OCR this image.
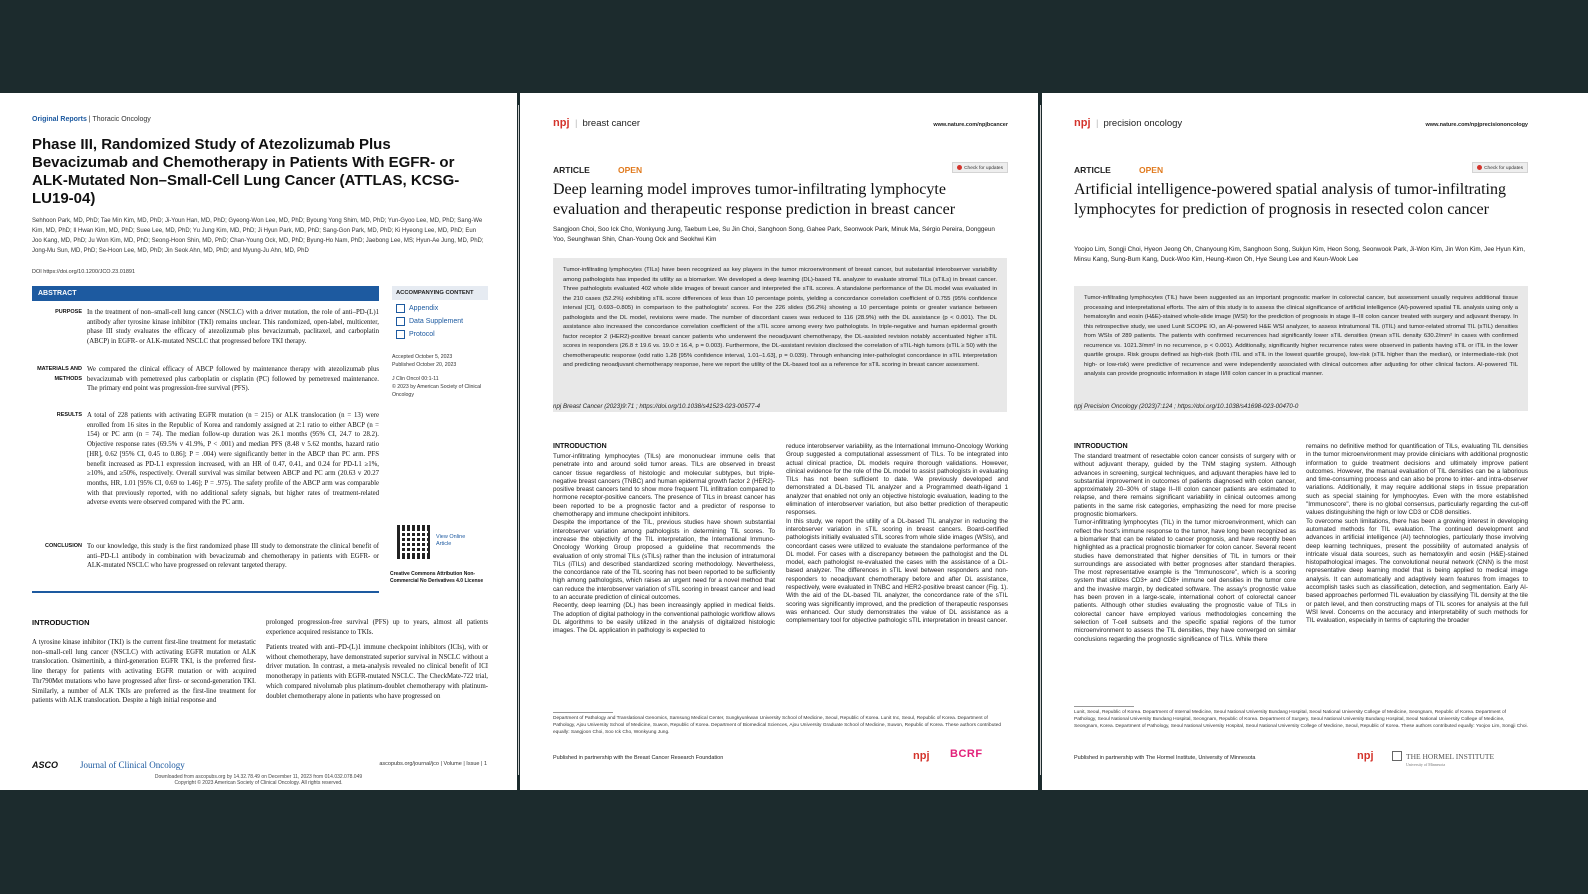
Original Reports | Thoracic Oncology
Phase III, Randomized Study of Atezolizumab Plus Bevacizumab and Chemotherapy in Patients With EGFR- or ALK-Mutated Non–Small-Cell Lung Cancer (ATTLAS, KCSG-LU19-04)
Sehhoon Park, MD, PhD; Tae Min Kim, MD, PhD; Ji-Youn Han, MD, PhD; Gyeong-Won Lee, MD, PhD; Byoung Yong Shim, MD, PhD; Yun-Gyoo Lee, MD, PhD; Sang-We Kim, MD, PhD; Il Hwan Kim, MD, PhD; Suee Lee, MD, PhD; Yu Jung Kim, MD, PhD; Ji Hyun Park, MD, PhD; Sang-Gon Park, MD, PhD; Ki Hyeong Lee, MD, PhD; Eun Joo Kang, MD, PhD; Ju Won Kim, MD, PhD; Seong-Hoon Shin, MD, PhD; Chan-Young Ock, MD, PhD; Byung-Ho Nam, PhD; Jaebong Lee, MS; Hyun-Ae Jung, MD, PhD; Jong-Mu Sun, MD, PhD; Se-Hoon Lee, MD, PhD; Jin Seok Ahn, MD, PhD; and Myung-Ju Ahn, MD, PhD
DOI https://doi.org/10.1200/JCO.23.01891
ABSTRACT
PURPOSE In the treatment of non–small-cell lung cancer (NSCLC) with a driver mutation, the role of anti–PD-(L)1 antibody after tyrosine kinase inhibitor (TKI) remains unclear. This randomized, open-label, multicenter, phase III study evaluates the efficacy of atezolizumab plus bevacizumab, paclitaxel, and carboplatin (ABCP) in EGFR- or ALK-mutated NSCLC that progressed before TKI therapy.
MATERIALS AND METHODS
We compared the clinical efficacy of ABCP followed by maintenance therapy with atezolizumab plus bevacizumab with pemetrexed plus carboplatin or cisplatin (PC) followed by pemetrexed maintenance. The primary end point was progression-free survival (PFS).
RESULTS A total of 228 patients with activating EGFR mutation (n = 215) or ALK translocation (n = 13) were enrolled from 16 sites in the Republic of Korea and randomly assigned at 2:1 ratio to either ABCP (n = 154) or PC arm (n = 74). The median follow-up duration was 26.1 months (95% CI, 24.7 to 28.2). Objective response rates (69.5% v 41.9%, P < .001) and median PFS (8.48 v 5.62 months, hazard ratio [HR], 0.62 [95% CI, 0.45 to 0.86]; P = .004) were significantly better in the ABCP than PC arm. PFS benefit increased as PD-L1 expression increased, with an HR of 0.47, 0.41, and 0.24 for PD-L1 ≥1%, ≥10%, and ≥50%, respectively. Overall survival was similar between ABCP and PC arm (20.63 v 20.27 months, HR, 1.01 [95% CI, 0.69 to 1.46]; P = .975). The safety profile of the ABCP arm was comparable with that previously reported, with no additional safety signals, but higher rates of treatment-related adverse events were observed compared with the PC arm.
CONCLUSION To our knowledge, this study is the first randomized phase III study to demonstrate the clinical benefit of anti–PD-L1 antibody in combination with bevacizumab and chemotherapy in patients with EGFR- or ALK-mutated NSCLC who have progressed on relevant targeted therapy.
ACCOMPANYING CONTENT
Appendix
Data Supplement
Protocol
Accepted October 5, 2023
Published October 20, 2023
J Clin Oncol 00:1-11
© 2023 by American Society of Clinical Oncology
View Online Article
Creative Commons Attribution Non-Commercial No Derivatives 4.0 License
INTRODUCTION
A tyrosine kinase inhibitor (TKI) is the current first-line treatment for metastatic non–small-cell lung cancer (NSCLC) with activating EGFR mutation or ALK translocation. Osimertinib, a third-generation EGFR TKI, is the preferred first-line therapy for patients with activating EGFR mutation or with acquired Thr790Met mutations who have progressed after first- or second-generation TKI. Similarly, a number of ALK TKIs are preferred as the first-line treatment for patients with ALK translocation. Despite a high initial response and
prolonged progression-free survival (PFS) up to years, almost all patients experience acquired resistance to TKIs.
Patients treated with anti–PD-(L)1 immune checkpoint inhibitors (ICIs), with or without chemotherapy, have demonstrated superior survival in NSCLC without a driver mutation. In contrast, a meta-analysis revealed no clinical benefit of ICI monotherapy in patients with EGFR-mutated NSCLC. The CheckMate-722 trial, which compared nivolumab plus platinum-doublet chemotherapy with platinum-doublet chemotherapy alone in patients who have progressed on
ASCO Journal of Clinical Oncology	ascopubs.org/journal/jco | Volume | Issue | 1
Downloaded from ascopubs.org by 14.32.78.49 on December 11, 2023 from 014.032.078.049
Copyright © 2023 American Society of Clinical Oncology. All rights reserved.
npj	| breast cancer	www.nature.com/npjbcancer
ARTICLE	OPEN	Check for updates
Deep learning model improves tumor-infiltrating lymphocyte evaluation and therapeutic response prediction in breast cancer
Sangjoon Choi, Soo Ick Cho, Wonkyung Jung, Taebum Lee, Su Jin Choi, Sanghoon Song, Gahee Park, Seonwook Park, Minuk Ma, Sérgio Pereira, Donggeun Yoo, Seunghwan Shin, Chan-Young Ock and Seokhwi Kim
Tumor-infiltrating lymphocytes (TILs) have been recognized as key players in the tumor microenvironment of breast cancer, but substantial interobserver variability among pathologists has impeded its utility as a biomarker. We developed a deep learning (DL)-based TIL analyzer to evaluate stromal TILs (sTILs) in breast cancer. Three pathologists evaluated 402 whole slide images of breast cancer and interpreted the sTIL scores. A standalone performance of the DL model was evaluated in the 210 cases (52.2%) exhibiting sTIL score differences of less than 10 percentage points, yielding a concordance correlation coefficient of 0.755 (95% confidence interval [CI], 0.693–0.805) in comparison to the pathologists' scores. For the 226 slides (56.2%) showing a 10 percentage points or greater variance between pathologists and the DL model, revisions were made. The number of discordant cases was reduced to 116 (28.9%) with the DL assistance (p < 0.001). The DL assistance also increased the concordance correlation coefficient of the sTIL score among every two pathologists. In triple-negative and human epidermal growth factor receptor 2 (HER2)-positive breast cancer patients who underwent the neoadjuvant chemotherapy, the DL-assisted revision notably accentuated higher sTIL scores in responders (26.8 ± 19.6 vs. 19.0 ± 16.4, p = 0.003). Furthermore, the DL-assistant revision disclosed the correlation of sTIL-high tumors (sTIL ≥ 50) with the chemotherapeutic response (odd ratio 1.28 [95% confidence interval, 1.01–1.63], p = 0.039). Through enhancing inter-pathologist concordance in sTIL interpretation and predicting neoadjuvant chemotherapy response, here we report the utility of the DL-based tool as a reference for sTIL scoring in breast cancer assessment.
npj Breast Cancer (2023)9:71 ; https://doi.org/10.1038/s41523-023-00577-4
INTRODUCTION
Tumor-infiltrating lymphocytes (TILs) are mononuclear immune cells that penetrate into and around solid tumor areas. TILs are observed in breast cancer tissue regardless of histologic and molecular subtypes, but triple-negative breast cancers (TNBC) and human epidermal growth factor 2 (HER2)-positive breast cancers tend to show more frequent TIL infiltration compared to hormone receptor-positive cancers. The presence of TILs in breast cancer has been reported to be a prognostic factor and a predictor of response to chemotherapy and immune checkpoint inhibitors.
Despite the importance of the TIL, previous studies have shown substantial interobserver variation among pathologists in determining TIL scores. To increase the objectivity of the TIL interpretation, the International Immuno-Oncology Working Group proposed a guideline that recommends the evaluation of only stromal TILs (sTILs) rather than the inclusion of intratumoral TILs (iTILs) and described standardized scoring methodology. Nevertheless, the concordance rate of the TIL scoring has not been reported to be sufficiently high among pathologists, which raises an urgent need for a novel method that can reduce the interobserver variation of sTIL scoring in breast cancer and lead to an accurate prediction of clinical outcomes.
Recently, deep learning (DL) has been increasingly applied in medical fields. The adoption of digital pathology in the conventional pathologic workflow allows DL algorithms to be easily utilized in the analysis of digitalized histologic images. The DL application in pathology is expected to
reduce interobserver variability, as the International Immuno-Oncology Working Group suggested a computational assessment of TILs. To be integrated into actual clinical practice, DL models require thorough validations. However, clinical evidence for the role of the DL model to assist pathologists in evaluating TILs has not been sufficient to date. We previously developed and demonstrated a DL-based TIL analyzer and a Programmed death-ligand 1 analyzer that enabled not only an objective histologic evaluation, leading to the elimination of interobserver variation, but also better prediction of therapeutic responses.
In this study, we report the utility of a DL-based TIL analyzer in reducing the interobserver variation in sTIL scoring in breast cancers. Board-certified pathologists initially evaluated sTIL scores from whole slide images (WSIs), and concordant cases were utilized to evaluate the standalone performance of the DL model. For cases with a discrepancy between the pathologist and the DL model, each pathologist re-evaluated the cases with the assistance of a DL-based analyzer. The differences in sTIL level between responders and non-responders to neoadjuvant chemotherapy before and after DL assistance, respectively, were evaluated in TNBC and HER2-positive breast cancer (Fig. 1). With the aid of the DL-based TIL analyzer, the concordance rate of the sTIL scoring was significantly improved, and the prediction of therapeutic responses was enhanced. Our study demonstrates the value of DL assistance as a complementary tool for objective pathologic sTIL interpretation in breast cancer.
Department of Pathology and Translational Genomics, Samsung Medical Center, Sungkyunkwan University School of Medicine, Seoul, Republic of Korea. Lunit Inc, Seoul, Republic of Korea. Department of Pathology, Ajou University School of Medicine, Suwon, Republic of Korea. Department of Biomedical Sciences, Ajou University Graduate School of Medicine, Suwon, Republic of Korea. These authors contributed equally: Sangjoon Choi, Soo Ick Cho, Wonkyung Jung.
Published in partnership with the Breast Cancer Research Foundation	npj BCRF
npj	| precision oncology	www.nature.com/npjprecisiononcology
ARTICLE	OPEN	Check for updates
Artificial intelligence-powered spatial analysis of tumor-infiltrating lymphocytes for prediction of prognosis in resected colon cancer
Yoojoo Lim, Songji Choi, Hyeon Jeong Oh, Chanyoung Kim, Sanghoon Song, Sukjun Kim, Heon Song, Seonwook Park, Ji-Won Kim, Jin Won Kim, Jee Hyun Kim, Minsu Kang, Sung-Bum Kang, Duck-Woo Kim, Heung-Kwon Oh, Hye Seung Lee and Keun-Wook Lee
Tumor-infiltrating lymphocytes (TIL) have been suggested as an important prognostic marker in colorectal cancer, but assessment usually requires additional tissue processing and interpretational efforts. The aim of this study is to assess the clinical significance of artificial intelligence (AI)-powered spatial TIL analysis using only a hematoxylin and eosin (H&E)-stained whole-slide image (WSI) for the prediction of prognosis in stage II–III colon cancer treated with surgery and adjuvant therapy. In this retrospective study, we used Lunit SCOPE IO, an AI-powered H&E WSI analyzer, to assess intratumoral TIL (iTIL) and tumor-related stromal TIL (sTIL) densities from WSIs of 289 patients. The patients with confirmed recurrences had significantly lower sTIL densities (mean sTIL density 630.2/mm² in cases with confirmed recurrence vs. 1021.3/mm² in no recurrence, p < 0.001). Additionally, significantly higher recurrence rates were observed in patients having sTIL or iTIL in the lower quartile groups. Risk groups defined as high-risk (both iTIL and sTIL in the lowest quartile groups), low-risk (sTIL higher than the median), or intermediate-risk (not high- or low-risk) were predictive of recurrence and were independently associated with clinical outcomes after adjusting for other clinical factors. AI-powered TIL analysis can provide prognostic information in stage II/III colon cancer in a practical manner.
npj Precision Oncology (2023)7:124 ; https://doi.org/10.1038/s41698-023-00470-0
INTRODUCTION
The standard treatment of resectable colon cancer consists of surgery with or without adjuvant therapy, guided by the TNM staging system. Although advances in screening, surgical techniques, and adjuvant therapies have led to substantial improvement in outcomes of patients diagnosed with colon cancer, approximately 20–30% of stage II–III colon cancer patients are estimated to relapse, and there remains significant variability in clinical outcomes among patients in the same risk categories, emphasizing the need for more precise prognostic biomarkers.
Tumor-infiltrating lymphocytes (TIL) in the tumor microenvironment, which can reflect the host's immune response to the tumor, have long been recognized as a biomarker that can be related to cancer prognosis, and have recently been highlighted as a practical prognostic biomarker for colon cancer. Several recent studies have demonstrated that higher densities of TIL in tumors or their surroundings are associated with better prognoses after standard therapies. The most representative example is the "Immunoscore", which is a scoring system that utilizes CD3+ and CD8+ immune cell densities in the tumor core and the invasive margin, by dedicated software. The assay's prognostic value has been proven in a large-scale, international cohort of colorectal cancer patients. Although other studies evaluating the prognostic value of TILs in colorectal cancer have employed various methodologies concerning the selection of T-cell subsets and the specific spatial regions of the tumor microenvironment to assess the TIL densities, they have converged on similar conclusions regarding the prognostic significance of TILs. While there
remains no definitive method for quantification of TILs, evaluating TIL densities in the tumor microenvironment may provide clinicians with additional prognostic information to guide treatment decisions and ultimately improve patient outcomes. However, the manual evaluation of TIL densities can be a laborious and time-consuming process and can also be prone to inter- and intra-observer variations. Additionally, it may require additional steps in tissue preparation such as special staining for lymphocytes. Even with the more established "Immunoscore", there is no global consensus, particularly regarding the cut-off values distinguishing the high or low CD3 or CD8 densities.
To overcome such limitations, there has been a growing interest in developing automated methods for TIL evaluation. The continued development and advances in artificial intelligence (AI) technologies, particularly those involving deep learning techniques, present the possibility of automated analysis of intricate visual data sources, such as hematoxylin and eosin (H&E)-stained histopathological images. The convolutional neural network (CNN) is the most representative deep learning model that is being applied to medical image analysis. It can automatically and adaptively learn features from images to accomplish tasks such as classification, detection, and segmentation. Early AI-based approaches performed TIL evaluation by classifying TIL density at the tile or patch level, and then constructing maps of TIL scores for analysis at the full WSI level. Concerns on the accuracy and interpretability of such methods for TIL evaluation, especially in terms of capturing the broader
Lunit, Seoul, Republic of Korea. Department of Internal Medicine, Seoul National University Bundang Hospital, Seoul National University College of Medicine, Seongnam, Republic of Korea. Department of Pathology, Seoul National University Bundang Hospital, Seongnam, Republic of Korea. Department of Surgery, Seoul National University Bundang Hospital, Seoul National University College of Medicine, Seongnam, Korea. Department of Pathology, Seoul National University Hospital, Seoul National University College of Medicine, Seoul, Republic of Korea. These authors contributed equally: Yoojoo Lim, Songji Choi.
Published in partnership with The Hormel Institute, University of Minnesota	npj	THE HORMEL INSTITUTE
University of Minnesota
